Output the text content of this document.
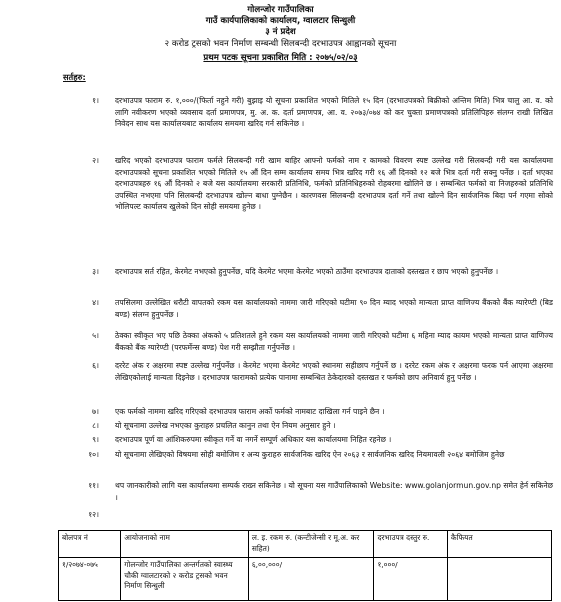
गोलन्जोर गाउँपालिका
गाउँ कार्यपालिकाको कार्यालय, ग्वालटार सिन्धुली
३ नं प्रदेश
२ करोड ट्रसको भवन निर्माण सम्बन्धी सिलबन्दी दरभाउपत्र आह्वानको सूचना
प्रथम पटक सूचना प्रकाशित मिति : २०७५/०२/०३
सर्तहरु:
१। दरभाउपत्र फाराम रु. १,०००/(फिर्ता नहुने गरी) बुझाइ यो सूचना प्रकाशित भएको मितिले १५ दिन (दरभाउपत्रको बिक्रीको अन्तिम मिति) भित्र चालु आ. व. को लागि नवीकरण भएको व्यवसाय दर्ता प्रमाणपत्र, मु. अ. क. दर्ता प्रमाणपत्र, आ. व. २०७३/०७४ को कर चुक्ता प्रमाणपत्रको प्रतिलिपिहरु संलग्न राखी लिखित निवेदन साथ यस कार्यालयबाट कार्यालय समयमा खरिद गर्न सकिनेछ ।
२। खरिद भएको दरभाउपत्र फाराम फर्मले सिलबन्दी गरी खाम बाहिर आफ्नो फर्मको नाम र कामको विवरण स्पष्ट उल्लेख गरी सिलबन्दी गरी यस कार्यालयमा दरभाउपत्रको सूचना प्रकाशित भएको मितिले १५ औं दिन सम्म कार्यालय समय भित्र खरिद गरी १६ औं दिनको १२ बजे भित्र दर्ता गरी सक्नु पर्नेछ । दर्ता भएका दरभाउपत्रहरु १६ औं दिनको २ बजे यस कार्यालयमा सरकारी प्रतिनिधि, फर्मको प्रतिनिधिहरुको रोहबरमा खोलिने छ । सम्बन्धित फर्मको वा निजहरुको प्रतिनिधि उपस्थित नभएमा पनि सिलबन्दी दरभाउपत्र खोल्न बाधा पुग्नेछैन । कारणवस सिलबन्दी दरभाउपत्र दर्ता गर्ने तथा खोल्ने दिन सार्वजनिक बिदा पर्न गएमा सोको भोलिपल्ट कार्यालय खुलेको दिन सोही समयमा हुनेछ ।
३। दरभाउपत्र सर्त रहित, केरमेट नभएको हुनुपर्नेछ, यदि केरमेट भएमा केरमेट भएको ठाउँमा दरभाउपत्र दाताको दस्तखत र छाप भएको हुनुपर्नेछ ।
४। तपसिलमा उल्लेखित धरौटी वापतको रकम यस कार्यालयको नाममा जारी गरिएको घटीमा ९० दिन म्याद भएको मान्यता प्राप्त वाणिज्य बैंकको बैंक ग्यारेण्टी (बिड बण्ड) संलग्न हुनुपर्नेछ ।
५। ठेक्का स्वीकृत भए पछि ठेक्का अंकको ५ प्रतिशतले हुने रकम यस कार्यालयको नाममा जारी गरिएको घटीमा ६ महिना म्याद कायम भएको मान्यता प्राप्त वाणिज्य बैंकको बैंक ग्यारेण्टी (परफर्मेन्स बण्ड) पेश गरी सम्झौता गर्नुपर्नेछ ।
६। दररेट अंक र अक्षरमा स्पष्ट उल्लेख गर्नुपर्नेछ । केरमेट भएमा केरमेट भएको स्थानमा सहीछाप गर्नुपर्ने छ । दररेट रकम अंक र अक्षरमा फरक पर्न आएमा अक्षरमा लेखिएकोलाई मान्यता दिइनेछ । दरभाउपत्र फारामको प्रत्येक पानामा सम्बन्धित ठेकेदारको दस्तखत र फर्मको छाप अनिवार्य हुनु पर्नेछ ।
७। एक फर्मको नाममा खरिद गरिएको दरभाउपत्र फाराम अर्को फर्मको नामबाट दाखिला गर्न पाइने छैन ।
८। यो सूचनामा उल्लेख नभएका कुराहरु प्रचलित कानुन तथा ऐन नियम अनुसार हुने ।
९। दरभाउपत्र पूर्ण वा आंशिकरुपमा स्वीकृत गर्ने वा नगर्ने सम्पूर्ण अधिकार यस कार्यालयमा निहित रहनेछ ।
१०। यो सूचनामा लेखिएको विषयमा सोही बमोजिम र अन्य कुराहरु सार्वजनिक खरिद ऐन २०६३ र सार्वजनिक खरिद नियमावली २०६४ बमोजिम हुनेछ
११। थप जानकारीको लागि यस कार्यालयमा सम्पर्क राख्न सकिनेछ । यो सूचना यस गाउँपालिकाको Website: www.golanjormun.gov.np समेत हेर्न सकिनेछ ।
१२।
बोलपत्र नं	आयोजनाको नाम	ल. इ. रकम रु. (कन्टीजेन्सी र मू.अ. कर सहित)	दरभाउपत्र दस्तुर रु.	कैफियत
१/२०७४-०७५	गोलन्जोर गाउँपालिका अन्तर्गतको स्वास्थ्य चौकी ग्वालटारको २ करोड ट्रसको भवन निर्माण सिन्धुली	६,००,०००/	१,०००/	
